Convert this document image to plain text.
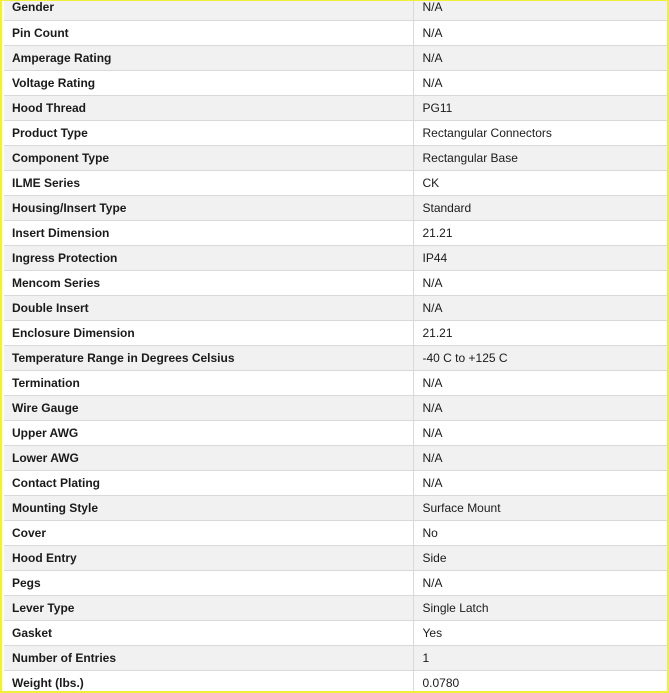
Gender	N/A
Pin Count	N/A
Amperage Rating	N/A
Voltage Rating	N/A
Hood Thread	PG11
Product Type	Rectangular Connectors
Component Type	Rectangular Base
ILME Series	CK
Housing/Insert Type	Standard
Insert Dimension	21.21
Ingress Protection	IP44
Mencom Series	N/A
Double Insert	N/A
Enclosure Dimension	21.21
Temperature Range in Degrees Celsius	-40 C to +125 C
Termination	N/A
Wire Gauge	N/A
Upper AWG	N/A
Lower AWG	N/A
Contact Plating	N/A
Mounting Style	Surface Mount
Cover	No
Hood Entry	Side
Pegs	N/A
Lever Type	Single Latch
Gasket	Yes
Number of Entries	1
Weight (lbs.)	0.0780
